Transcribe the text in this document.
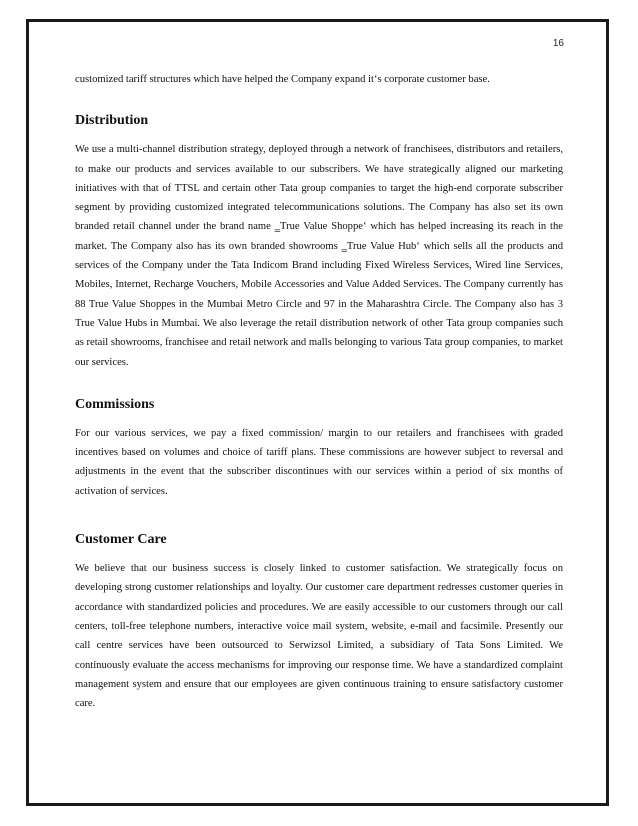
16

customized tariff structures which have helped the Company expand it‘s corporate customer base.

Distribution

We use a multi-channel distribution strategy, deployed through a network of franchisees, distributors and retailers, to make our products and services available to our subscribers. We have strategically aligned our marketing initiatives with that of TTSL and certain other Tata group companies to target the high-end corporate subscriber segment by providing customized integrated telecommunications solutions. The Company has also set its own branded retail channel under the brand name ‗True Value Shoppe‘ which has helped increasing its reach in the market. The Company also has its own branded showrooms ‗True Value Hub‘ which sells all the products and services of the Company under the Tata Indicom Brand including Fixed Wireless Services, Wired line Services, Mobiles, Internet, Recharge Vouchers, Mobile Accessories and Value Added Services. The Company currently has 88 True Value Shoppes in the Mumbai Metro Circle and 97 in the Maharashtra Circle. The Company also has 3 True Value Hubs in Mumbai. We also leverage the retail distribution network of other Tata group companies such as retail showrooms, franchisee and retail network and malls belonging to various Tata group companies, to market our services.

Commissions

For our various services, we pay a fixed commission/ margin to our retailers and franchisees with graded incentives based on volumes and choice of tariff plans. These commissions are however subject to reversal and adjustments in the event that the subscriber discontinues with our services within a period of six months of activation of services.

Customer Care

We believe that our business success is closely linked to customer satisfaction. We strategically focus on developing strong customer relationships and loyalty. Our customer care department redresses customer queries in accordance with standardized policies and procedures. We are easily accessible to our customers through our call centers, toll-free telephone numbers, interactive voice mail system, website, e-mail and facsimile. Presently our call centre services have been outsourced to Serwizsol Limited, a subsidiary of Tata Sons Limited. We continuously evaluate the access mechanisms for improving our response time. We have a standardized complaint management system and ensure that our employees are given continuous training to ensure satisfactory customer care.
